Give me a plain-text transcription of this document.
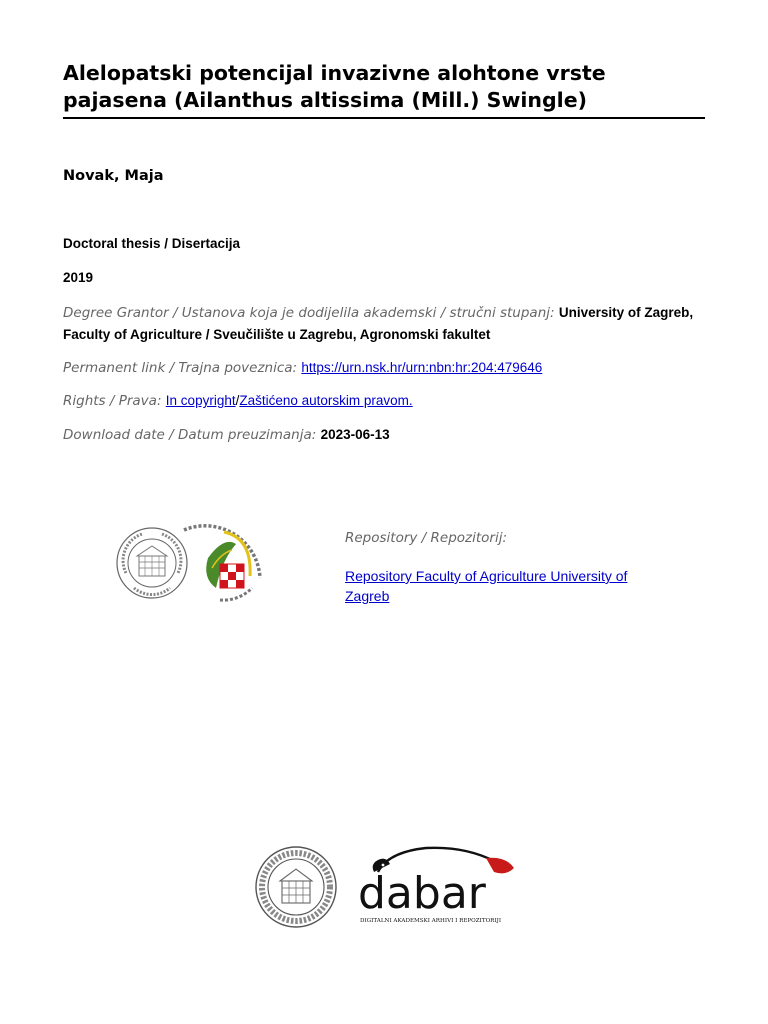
Alelopatski potencijal invazivne alohtone vrste pajasena (Ailanthus altissima (Mill.) Swingle)
Novak, Maja
Doctoral thesis / Disertacija
2019
Degree Grantor / Ustanova koja je dodijelila akademski / stručni stupanj: University of Zagreb, Faculty of Agriculture / Sveučilište u Zagrebu, Agronomski fakultet
Permanent link / Trajna poveznica: https://urn.nsk.hr/urn:nbn:hr:204:479646
Rights / Prava: In copyright/Zaštićeno autorskim pravom.
Download date / Datum preuzimanja: 2023-06-13
Repository / Repozitorij:
Repository Faculty of Agriculture University of Zagreb
dabar
DIGITALNI AKADEMSKI ARHIVI I REPOZITORIJI
